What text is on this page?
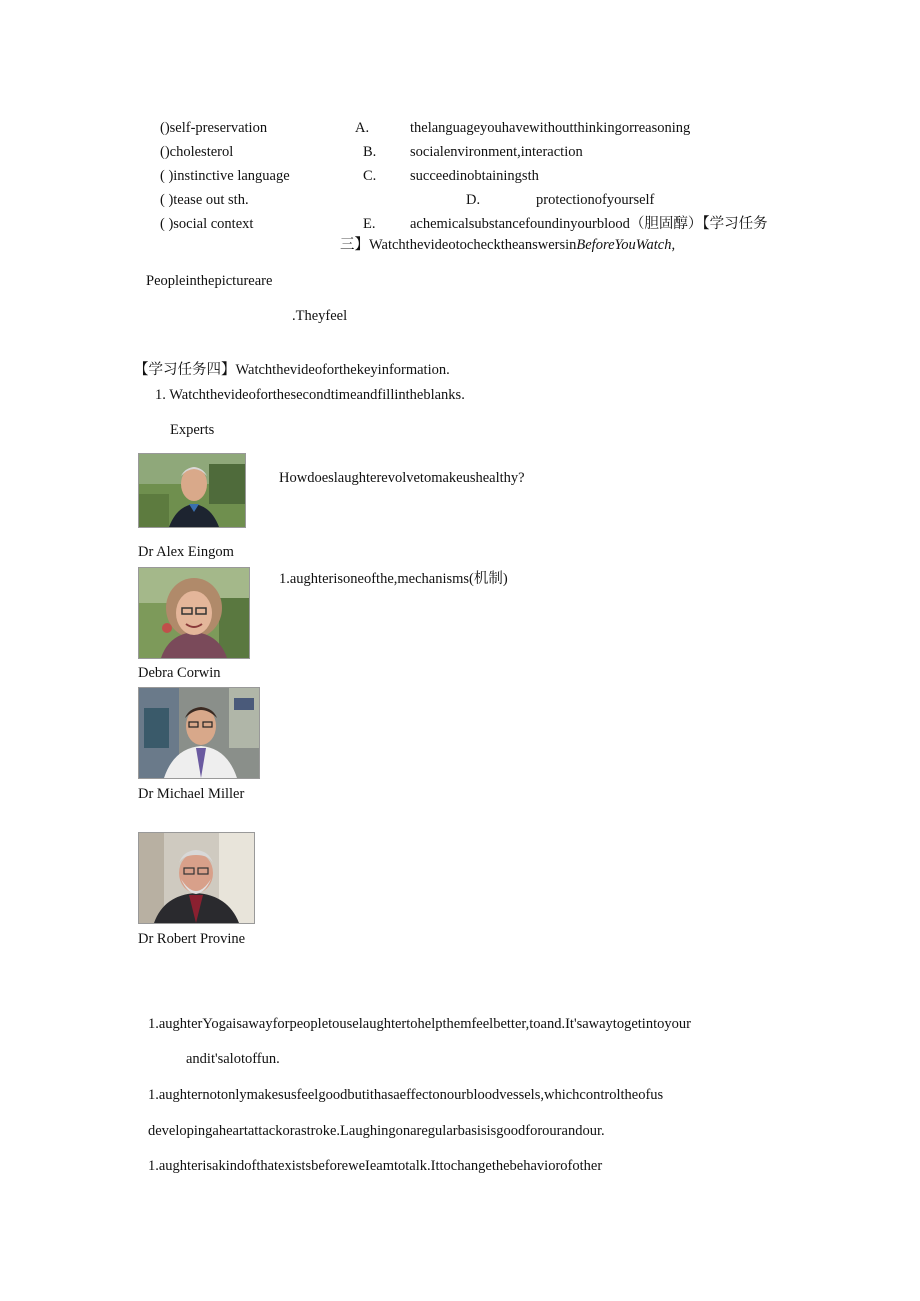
()self-preservation	A.	thelanguageyouhavewithoutthinkingorreasoning
()cholesterol	B. socialenvironment,interaction
( )instinctive language	C. succeedinobtainingsth
( )tease out sth.	D.	protectionofyourself
( )social context	E. achemicalsubstancefoundinyourblood（胆固醇）【学习任务
三】WatchthevideotochecktheanswersinBeforeYouWatch,
Peopleinthepictureare
.Theyfeel
【学习任务四】Watchthevideoforthekeyinformation.
1. Watchthevideoforthesecondtimeandfillintheblanks.
Experts
Howdoeslaughterevolvetomakeushealthy?
Dr Alex Eingom
1.aughterisoneofthe,mechanisms(机制)
Debra Corwin
Dr Michael Miller
Dr Robert Provine
1.aughterYogaisawayforpeopletouselaughtertohelpthemfeelbetter,toand.It'sawaytogetintoyour
andit'salotoffun.
1.aughternotonlymakesusfeelgoodbutithasaeffectonourbloodvessels,whichcontroltheofus
developingaheartattackorastroke.Laughingonaregularbasisisgoodforourandour.
1.aughterisakindofthatexistsbeforeweIeamtotalk.Ittochangethebehaviorofother
